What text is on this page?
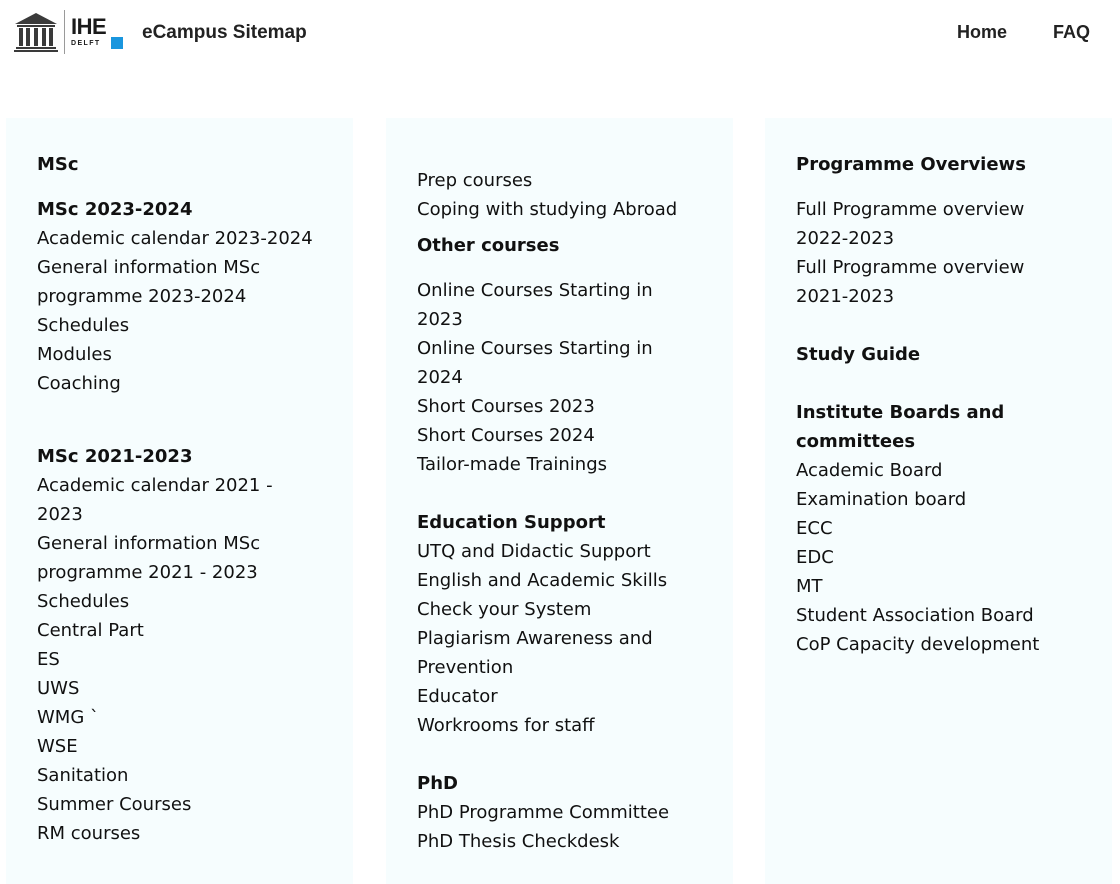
IHE
DELFT
eCampus Sitemap	Home	FAQ
MSc
MSc 2023-2024
Academic calendar 2023-2024
General information MSc programme 2023-2024
Schedules
Modules
Coaching
MSc 2021-2023
Academic calendar 2021 - 2023
General information MSc programme 2021 - 2023
Schedules
Central Part
ES
UWS
WMG `
WSE
Sanitation
Summer Courses
RM courses
Prep courses
Coping with studying Abroad
Other courses
Online Courses Starting in 2023
Online Courses Starting in 2024
Short Courses 2023
Short Courses 2024
Tailor-made Trainings
Education Support
UTQ and Didactic Support
English and Academic Skills
Check your System
Plagiarism Awareness and Prevention
Educator
Workrooms for staff
PhD
PhD Programme Committee
PhD Thesis Checkdesk
Programme Overviews
Full Programme overview 2022-2023
Full Programme overview 2021-2023
Study Guide
Institute Boards and committees
Academic Board
Examination board
ECC
EDC
MT
Student Association Board
CoP Capacity development
